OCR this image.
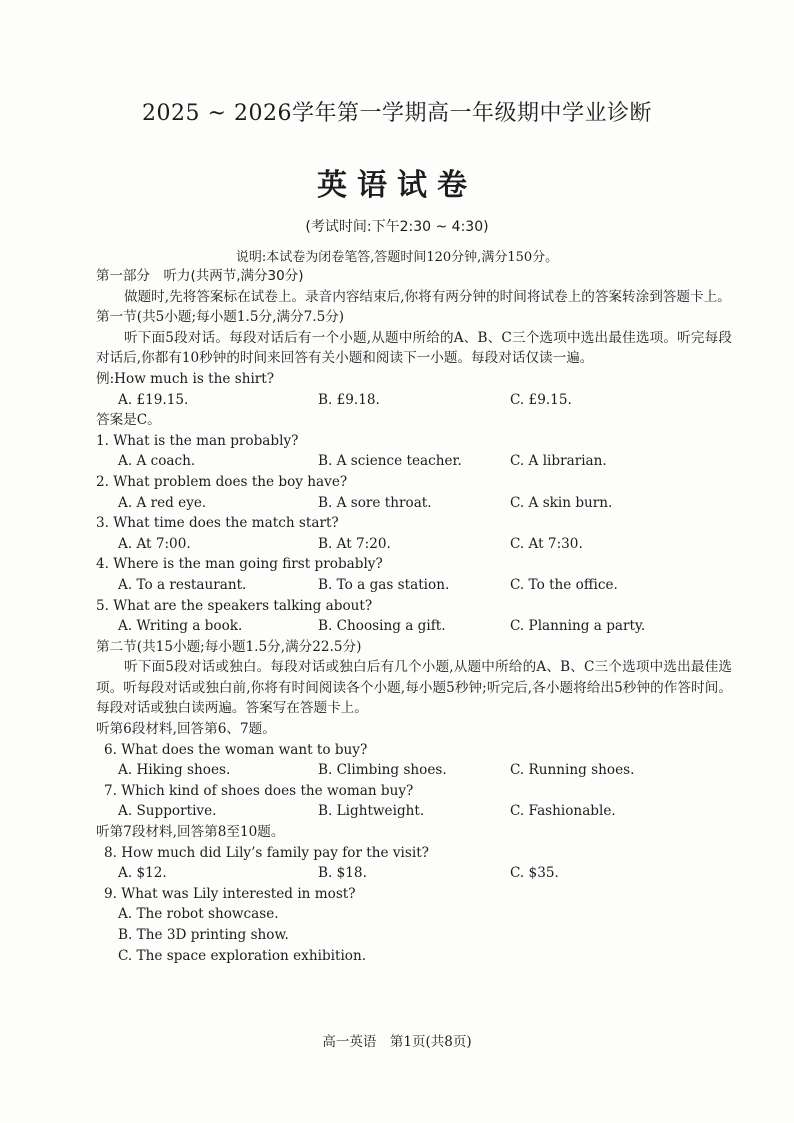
2025 ~ 2026学年第一学期高一年级期中学业诊断
英语试卷
(考试时间:下午2:30 ~ 4:30)
说明:本试卷为闭卷笔答,答题时间120分钟,满分150分。
第一部分　听力(共两节,满分30分)
做题时,先将答案标在试卷上。录音内容结束后,你将有两分钟的时间将试卷上的答案转涂到答题卡上。
第一节(共5小题;每小题1.5分,满分7.5分)
听下面5段对话。每段对话后有一个小题,从题中所给的A、B、C三个选项中选出最佳选项。听完每段对话后,你都有10秒钟的时间来回答有关小题和阅读下一小题。每段对话仅读一遍。
例:How much is the shirt?
A. £19.15.	B. £9.18.	C. £9.15.
答案是C。
1. What is the man probably?
A. A coach.	B. A science teacher.	C. A librarian.
2. What problem does the boy have?
A. A red eye.	B. A sore throat.	C. A skin burn.
3. What time does the match start?
A. At 7:00.	B. At 7:20.	C. At 7:30.
4. Where is the man going first probably?
A. To a restaurant.	B. To a gas station.	C. To the office.
5. What are the speakers talking about?
A. Writing a book.	B. Choosing a gift.	C. Planning a party.
第二节(共15小题;每小题1.5分,满分22.5分)
听下面5段对话或独白。每段对话或独白后有几个小题,从题中所给的A、B、C三个选项中选出最佳选项。听每段对话或独白前,你将有时间阅读各个小题,每小题5秒钟;听完后,各小题将给出5秒钟的作答时间。每段对话或独白读两遍。答案写在答题卡上。
听第6段材料,回答第6、7题。
6. What does the woman want to buy?
A. Hiking shoes.	B. Climbing shoes.	C. Running shoes.
7. Which kind of shoes does the woman buy?
A. Supportive.	B. Lightweight.	C. Fashionable.
听第7段材料,回答第8至10题。
8. How much did Lily’s family pay for the visit?
A. $12.	B. $18.	C. $35.
9. What was Lily interested in most?
A. The robot showcase.
B. The 3D printing show.
C. The space exploration exhibition.
高一英语　第1页(共8页)
